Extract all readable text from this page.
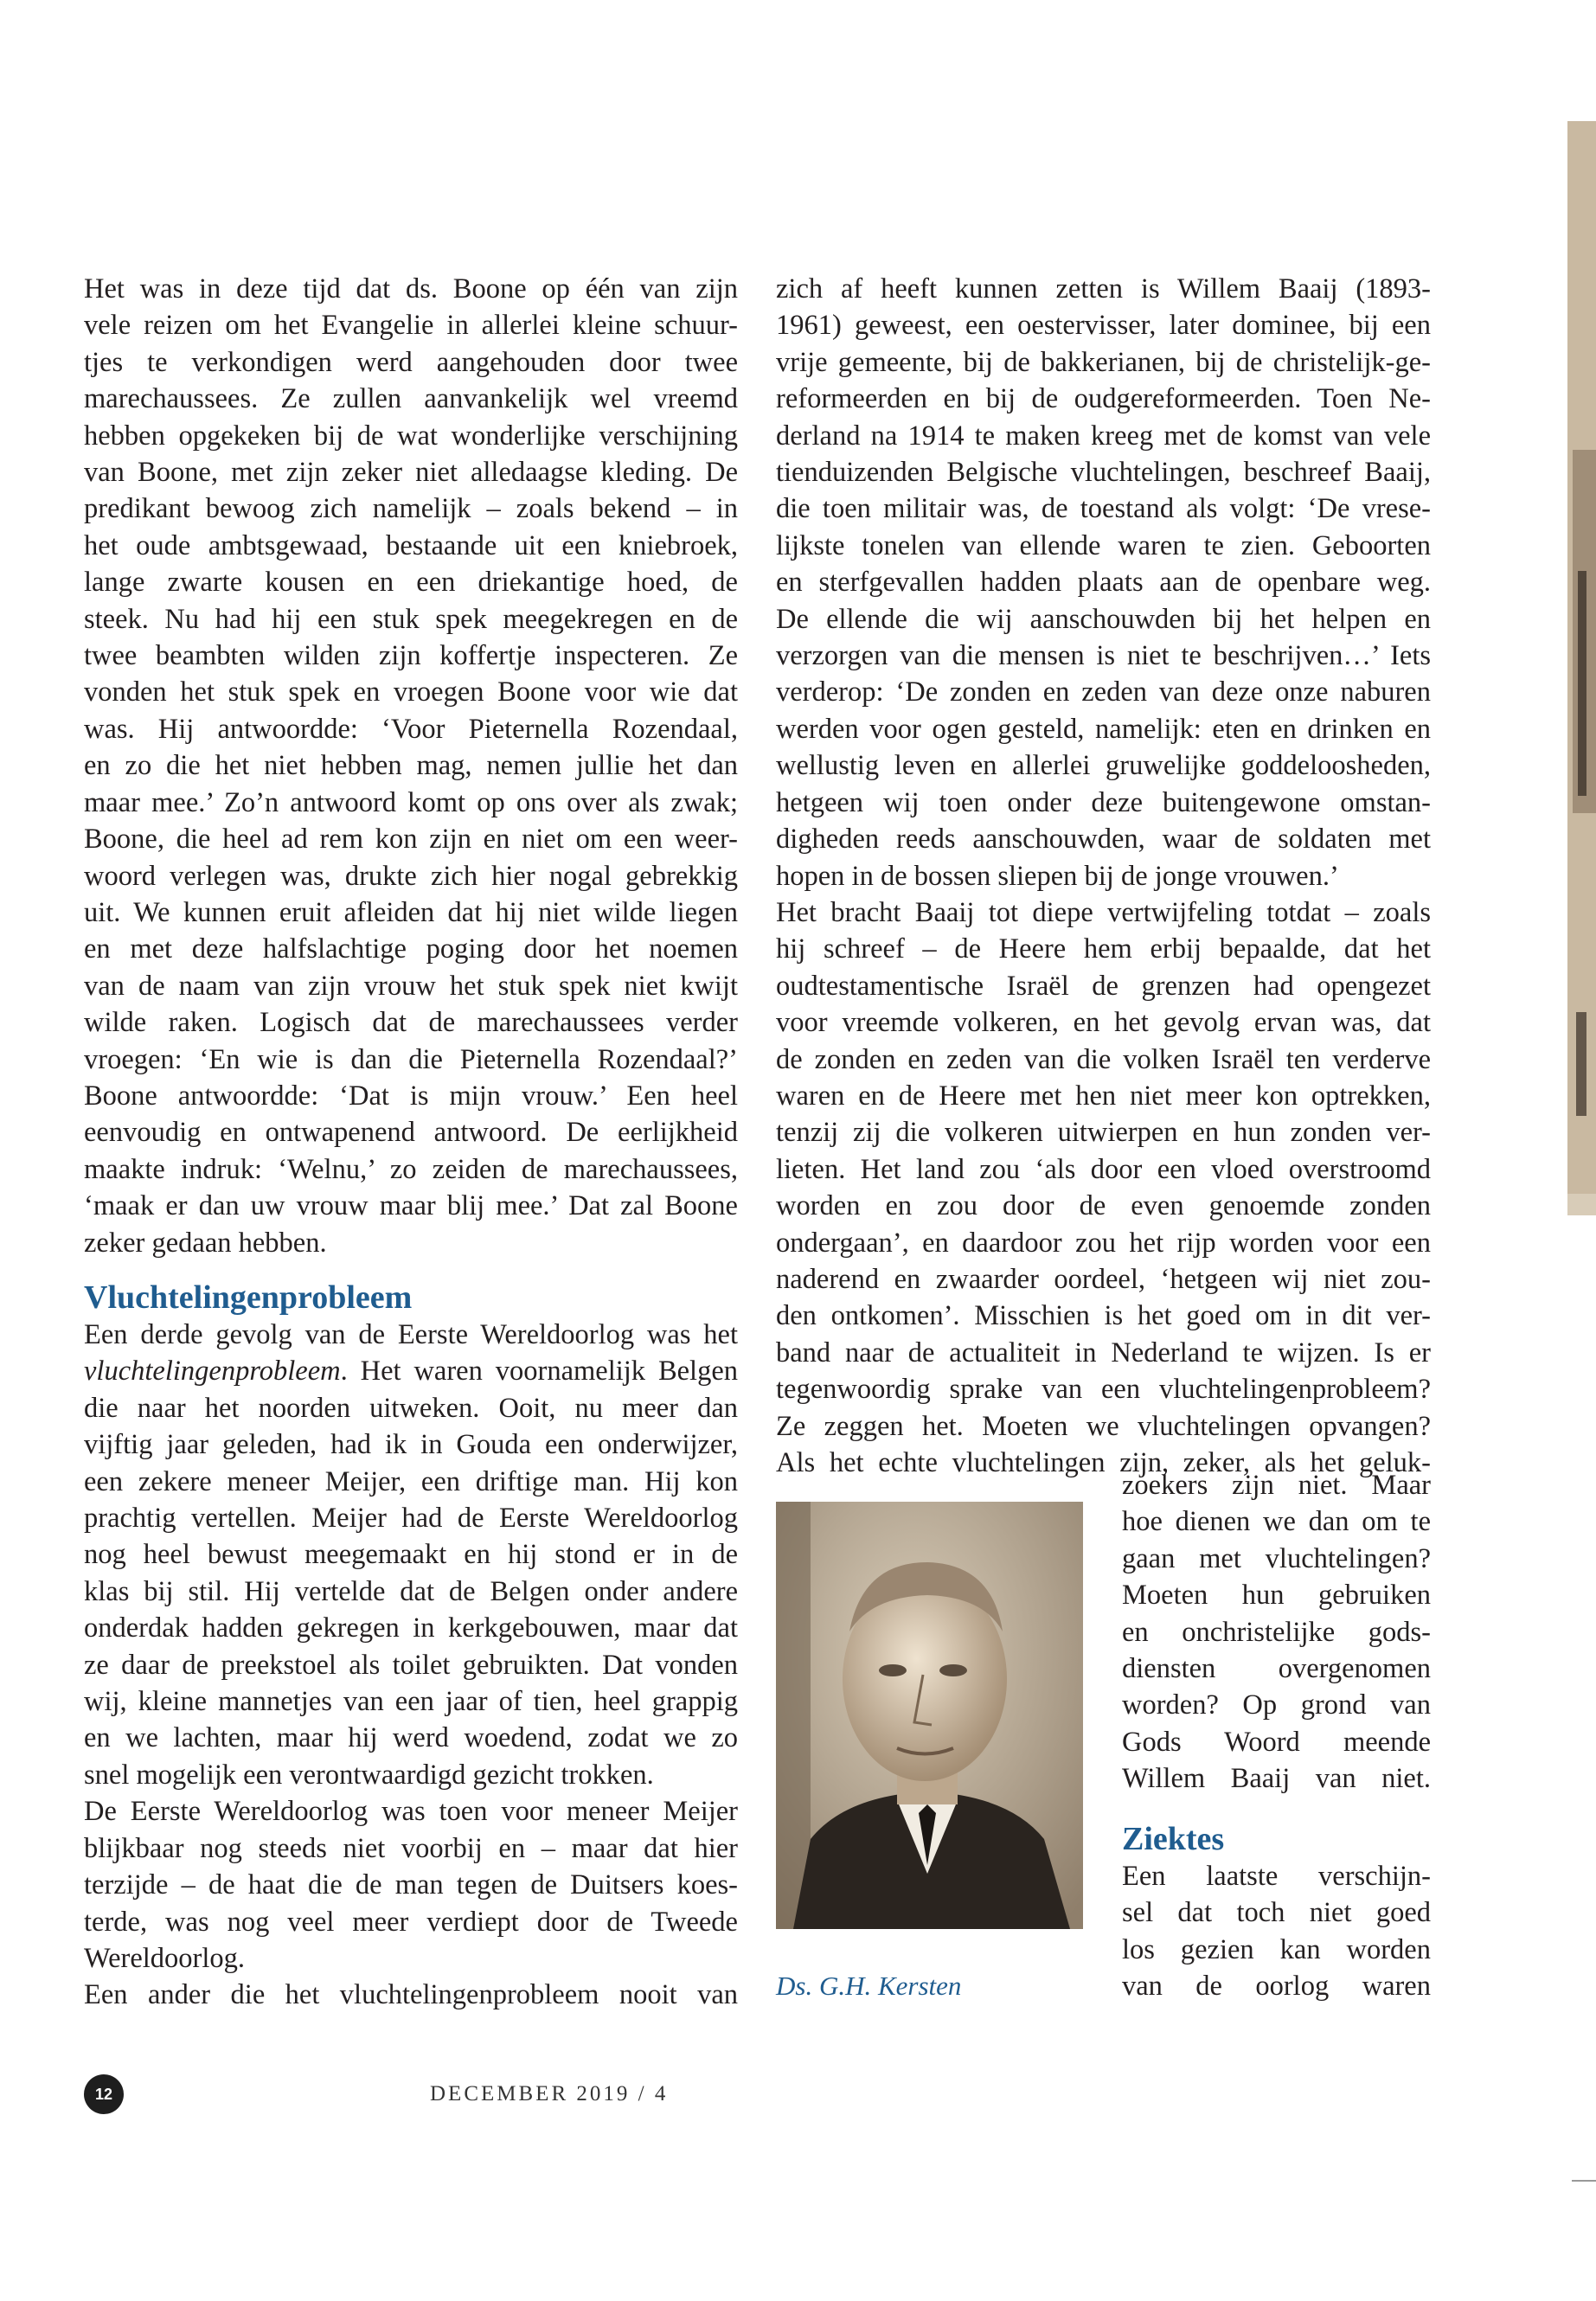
Het was in deze tijd dat ds. Boone op één van zijn
vele reizen om het Evangelie in allerlei kleine schuur-
tjes te verkondigen werd aangehouden door twee
marechaussees. Ze zullen aanvankelijk wel vreemd
hebben opgekeken bij de wat wonderlijke verschijning
van Boone, met zijn zeker niet alledaagse kleding. De
predikant bewoog zich namelijk – zoals bekend – in
het oude ambtsgewaad, bestaande uit een kniebroek,
lange zwarte kousen en een driekantige hoed, de
steek. Nu had hij een stuk spek meegekregen en de
twee beambten wilden zijn koffertje inspecteren. Ze
vonden het stuk spek en vroegen Boone voor wie dat
was. Hij antwoordde: ‘Voor Pieternella Rozendaal,
en zo die het niet hebben mag, nemen jullie het dan
maar mee.’ Zo’n antwoord komt op ons over als zwak;
Boone, die heel ad rem kon zijn en niet om een weer-
woord verlegen was, drukte zich hier nogal gebrekkig
uit. We kunnen eruit afleiden dat hij niet wilde liegen
en met deze halfslachtige poging door het noemen
van de naam van zijn vrouw het stuk spek niet kwijt
wilde raken. Logisch dat de marechaussees verder
vroegen: ‘En wie is dan die Pieternella Rozendaal?’
Boone antwoordde: ‘Dat is mijn vrouw.’ Een heel
eenvoudig en ontwapenend antwoord. De eerlijkheid
maakte indruk: ‘Welnu,’ zo zeiden de marechaussees,
‘maak er dan uw vrouw maar blij mee.’ Dat zal Boone
zeker gedaan hebben.
Vluchtelingenprobleem
Een derde gevolg van de Eerste Wereldoorlog was het
vluchtelingenprobleem. Het waren voornamelijk Belgen
die naar het noorden uitweken. Ooit, nu meer dan
vijftig jaar geleden, had ik in Gouda een onderwijzer,
een zekere meneer Meijer, een driftige man. Hij kon
prachtig vertellen. Meijer had de Eerste Wereldoorlog
nog heel bewust meegemaakt en hij stond er in de
klas bij stil. Hij vertelde dat de Belgen onder andere
onderdak hadden gekregen in kerkgebouwen, maar dat
ze daar de preekstoel als toilet gebruikten. Dat vonden
wij, kleine mannetjes van een jaar of tien, heel grappig
en we lachten, maar hij werd woedend, zodat we zo
snel mogelijk een verontwaardigd gezicht trokken.
De Eerste Wereldoorlog was toen voor meneer Meijer
blijkbaar nog steeds niet voorbij en – maar dat hier
terzijde – de haat die de man tegen de Duitsers koes-
terde, was nog veel meer verdiept door de Tweede
Wereldoorlog.
Een ander die het vluchtelingenprobleem nooit van
zich af heeft kunnen zetten is Willem Baaij (1893-
1961) geweest, een oestervisser, later dominee, bij een
vrije gemeente, bij de bakkerianen, bij de christelijk-ge-
reformeerden en bij de oudgereformeerden. Toen Ne-
derland na 1914 te maken kreeg met de komst van vele
tienduizenden Belgische vluchtelingen, beschreef Baaij,
die toen militair was, de toestand als volgt: ‘De vrese-
lijkste tonelen van ellende waren te zien. Geboorten
en sterfgevallen hadden plaats aan de openbare weg.
De ellende die wij aanschouwden bij het helpen en
verzorgen van die mensen is niet te beschrijven…’ Iets
verderop: ‘De zonden en zeden van deze onze naburen
werden voor ogen gesteld, namelijk: eten en drinken en
wellustig leven en allerlei gruwelijke goddeloosheden,
hetgeen wij toen onder deze buitengewone omstan-
digheden reeds aanschouwden, waar de soldaten met
hopen in de bossen sliepen bij de jonge vrouwen.’
Het bracht Baaij tot diepe vertwijfeling totdat – zoals
hij schreef – de Heere hem erbij bepaalde, dat het
oudtestamentische Israël de grenzen had opengezet
voor vreemde volkeren, en het gevolg ervan was, dat
de zonden en zeden van die volken Israël ten verderve
waren en de Heere met hen niet meer kon optrekken,
tenzij zij die volkeren uitwierpen en hun zonden ver-
lieten. Het land zou ‘als door een vloed overstroomd
worden en zou door de even genoemde zonden
ondergaan’, en daardoor zou het rijp worden voor een
naderend en zwaarder oordeel, ‘hetgeen wij niet zou-
den ontkomen’. Misschien is het goed om in dit ver-
band naar de actualiteit in Nederland te wijzen. Is er
tegenwoordig sprake van een vluchtelingenprobleem?
Ze zeggen het. Moeten we vluchtelingen opvangen?
Als het echte vluchtelingen zijn, zeker, als het geluk-
Ds. G.H. Kersten
zoekers zijn niet. Maar
hoe dienen we dan om te
gaan met vluchtelingen?
Moeten hun gebruiken
en onchristelijke gods-
diensten overgenomen
worden? Op grond van
Gods Woord meende
Willem Baaij van niet.
Ziektes
Een laatste verschijn-
sel dat toch niet goed
los gezien kan worden
van de oorlog waren
12	DECEMBER 2019 / 4
